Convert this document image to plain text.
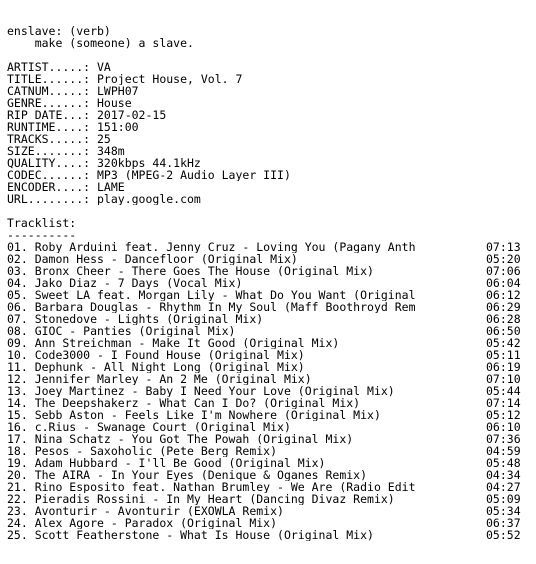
enslave: (verb)
make (someone) a slave.
ARTIST.....: VA
TITLE......: Project House, Vol. 7
CATNUM.....: LWPH07
GENRE......: House
RIP DATE...: 2017-02-15
RUNTIME....: 151:00
TRACKS.....: 25
SIZE.......: 348m
QUALITY....: 320kbps 44.1kHz
CODEC......: MP3 (MPEG-2 Audio Layer III)
ENCODER....: LAME
URL........: play.google.com
Tracklist:
----------
01. Roby Arduini feat. Jenny Cruz - Loving You (Pagany Anth	07:13
02. Damon Hess - Dancefloor (Original Mix)	05:20
03. Bronx Cheer - There Goes The House (Original Mix)	07:06
04. Jako Diaz - 7 Days (Vocal Mix)	06:04
05. Sweet LA feat. Morgan Lily - What Do You Want (Original	06:12
06. Barbara Douglas - Rhythm In My Soul (Maff Boothroyd Rem	06:29
07. Stonedove - Lights (Original Mix)	06:28
08. GIOC - Panties (Original Mix)	06:50
09. Ann Streichman - Make It Good (Original Mix)	05:42
10. Code3000 - I Found House (Original Mix)	05:11
11. Dephunk - All Night Long (Original Mix)	06:19
12. Jennifer Marley - An 2 Me (Original Mix)	07:10
13. Joey Martinez - Baby I Need Your Love (Original Mix)	05:44
14. The Deepshakerz - What Can I Do? (Original Mix)	07:14
15. Sebb Aston - Feels Like I'm Nowhere (Original Mix)	05:12
16. c.Rius - Swanage Court (Original Mix)	06:10
17. Nina Schatz - You Got The Powah (Original Mix)	07:36
18. Pesos - Saxoholic (Pete Berg Remix)	04:59
19. Adam Hubbard - I'll Be Good (Original Mix)	05:48
20. The AIRA - In Your Eyes (Denique & Oganes Remix)	04:34
21. Rino Esposito feat. Nathan Brumley - We Are (Radio Edit	04:27
22. Pieradis Rossini - In My Heart (Dancing Divaz Remix)	05:09
23. Avonturir - Avonturir (EXOWLA Remix)	05:34
24. Alex Agore - Paradox (Original Mix)	06:37
25. Scott Featherstone - What Is House (Original Mix)	05:52
